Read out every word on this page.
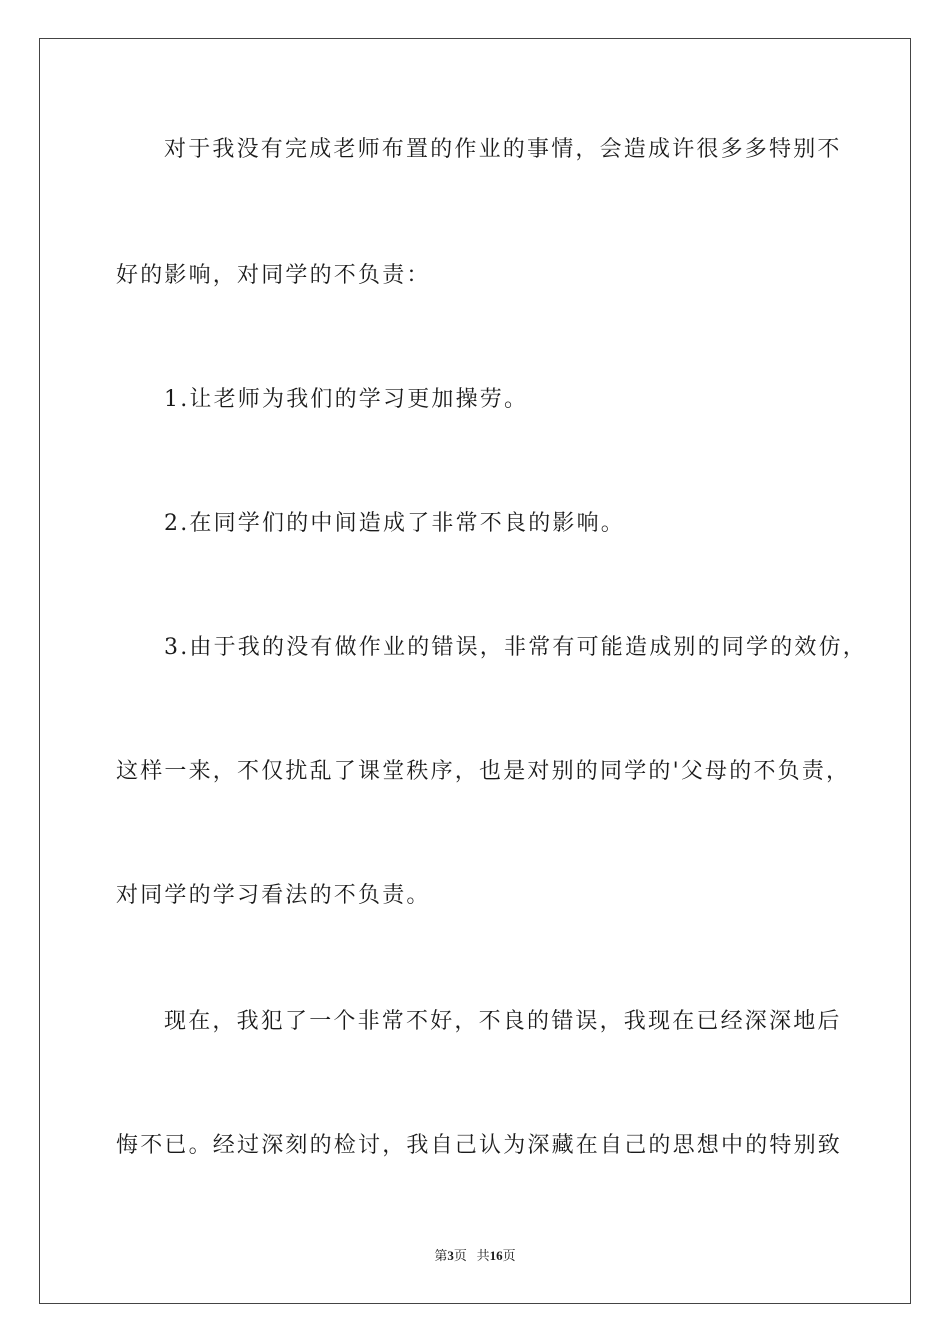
对于我没有完成老师布置的作业的事情，会造成许很多多特别不
好的影响，对同学的不负责：
1.让老师为我们的学习更加操劳。
2.在同学们的中间造成了非常不良的影响。
3.由于我的没有做作业的错误，非常有可能造成别的同学的效仿，
这样一来，不仅扰乱了课堂秩序，也是对别的同学的'父母的不负责，
对同学的学习看法的不负责。
现在，我犯了一个非常不好，不良的错误，我现在已经深深地后
悔不已。经过深刻的检讨，我自己认为深藏在自己的思想中的特别致
第3页 共16页
